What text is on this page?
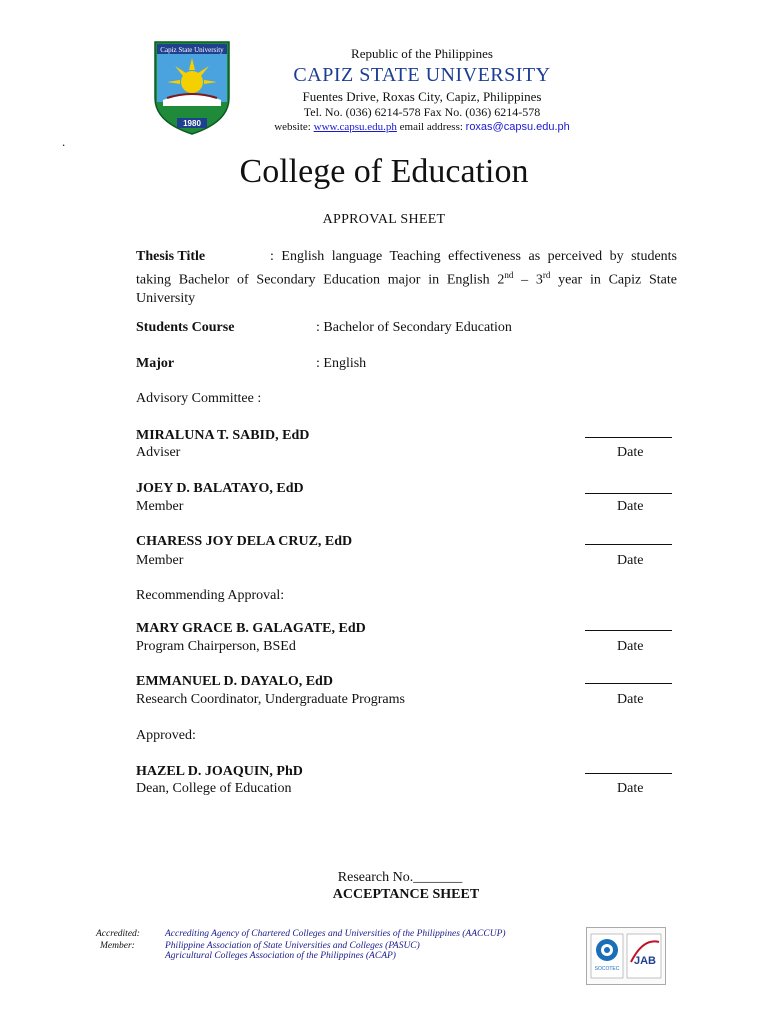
Capiz State University
1980
Republic of the Philippines
CAPIZ STATE UNIVERSITY
Fuentes Drive, Roxas City, Capiz, Philippines
Tel. No. (036) 6214-578 Fax No. (036) 6214-578
website: www.capsu.edu.ph email address: roxas@capsu.edu.ph
.
College of Education
APPROVAL SHEET
Thesis Title	: English language Teaching effectiveness as perceived by students taking Bachelor of Secondary Education major in English 2nd – 3rd year in Capiz State University
Students Course	: Bachelor of Secondary Education
Major	: English
Advisory Committee :
MIRALUNA T. SABID, EdD
Adviser	Date
JOEY D. BALATAYO, EdD
Member	Date
CHARESS JOY DELA CRUZ, EdD
Member	Date
Recommending Approval:
MARY GRACE B. GALAGATE, EdD
Program Chairperson, BSEd	Date
EMMANUEL D. DAYALO, EdD
Research Coordinator, Undergraduate Programs	Date
Approved:
HAZEL D. JOAQUIN, PhD
Dean, College of Education	Date
Research No._______
ACCEPTANCE SHEET
Accredited:	Accrediting Agency of Chartered Colleges and Universities of the Philippines (AACCUP)
Member:	Philippine Association of State Universities and Colleges (PASUC)
Agricultural Colleges Association of the Philippines (ACAP)
SOCOTEC
JAB
